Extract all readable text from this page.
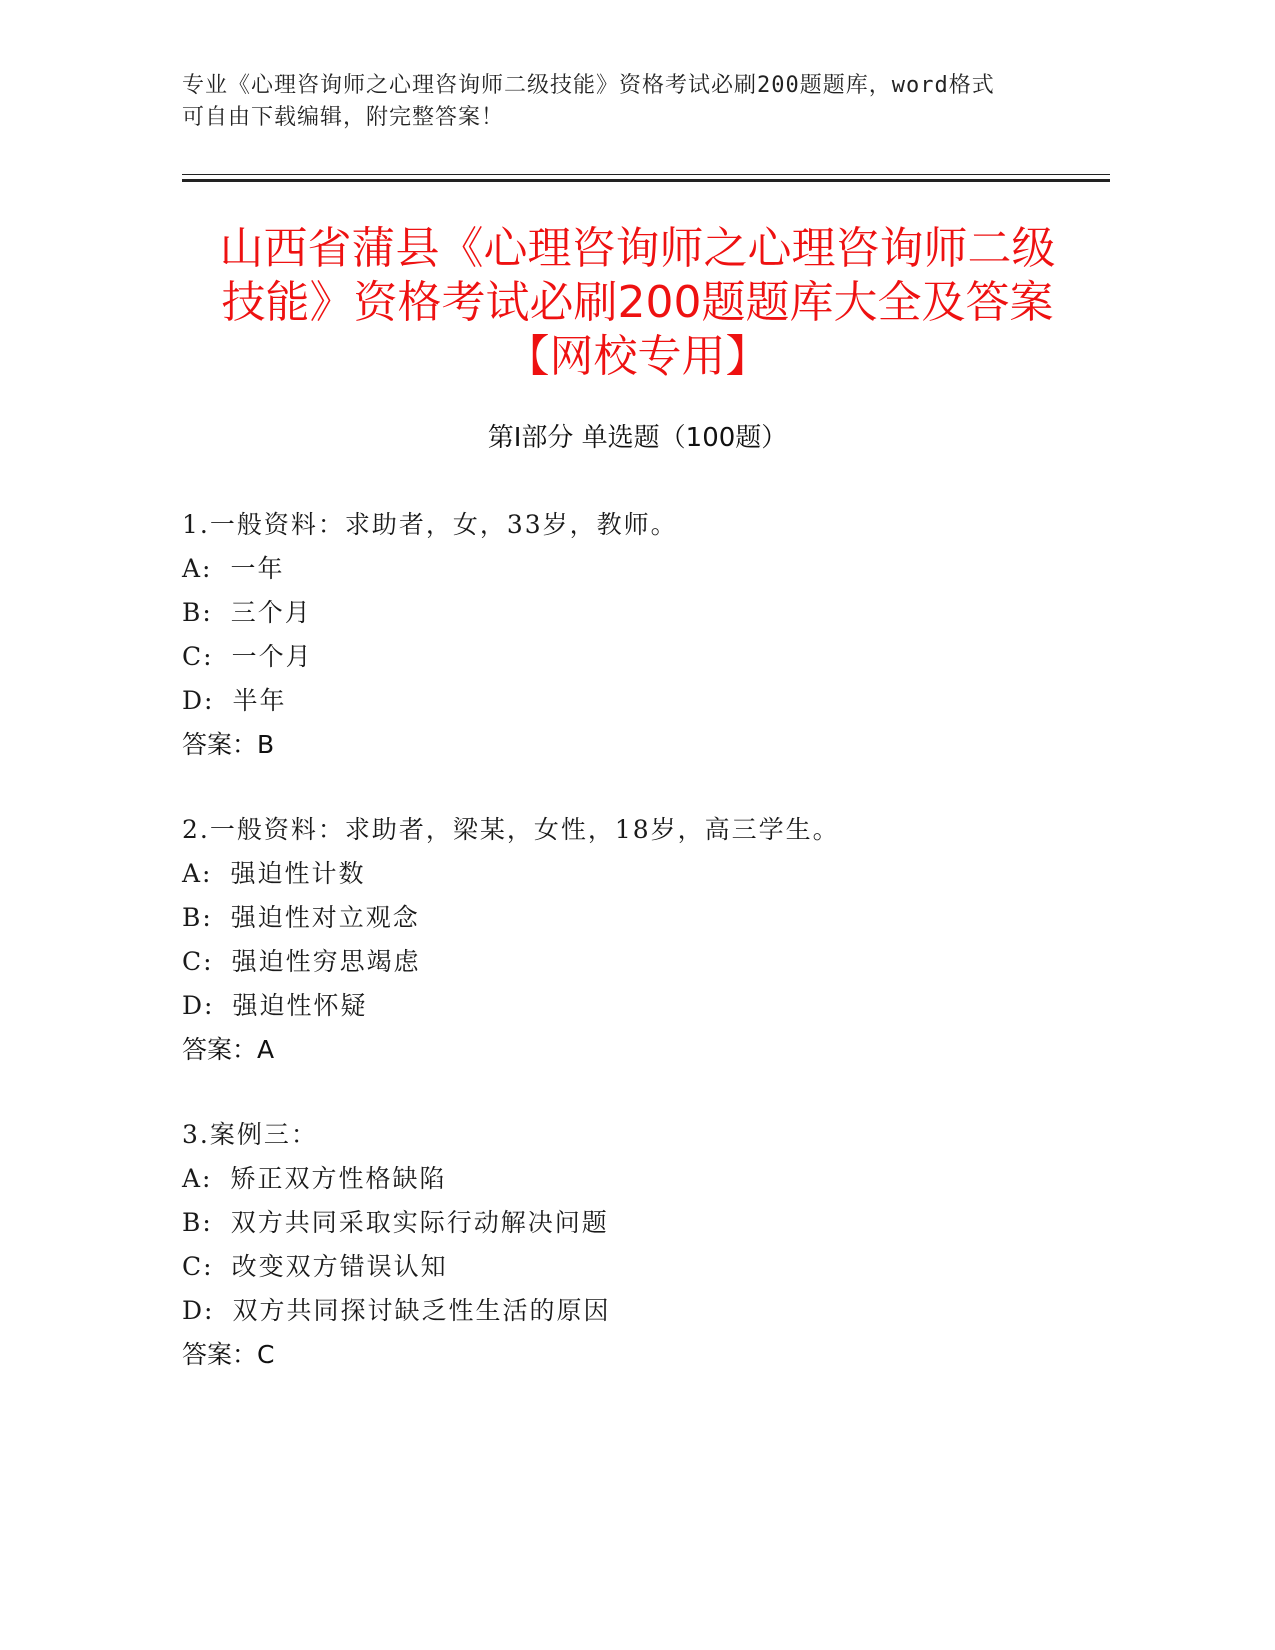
专业《心理咨询师之心理咨询师二级技能》资格考试必刷200题题库，word格式
可自由下载编辑，附完整答案！
山西省蒲县《心理咨询师之心理咨询师二级
技能》资格考试必刷200题题库大全及答案
【网校专用】
第Ⅰ部分 单选题（100题）
1.一般资料：求助者，女，33岁，教师。
A: 一年
B: 三个月
C: 一个月
D: 半年
答案：B
2.一般资料：求助者，梁某，女性，18岁，高三学生。
A: 强迫性计数
B: 强迫性对立观念
C: 强迫性穷思竭虑
D: 强迫性怀疑
答案：A
3.案例三：
A: 矫正双方性格缺陷
B: 双方共同采取实际行动解决问题
C: 改变双方错误认知
D: 双方共同探讨缺乏性生活的原因
答案：C
